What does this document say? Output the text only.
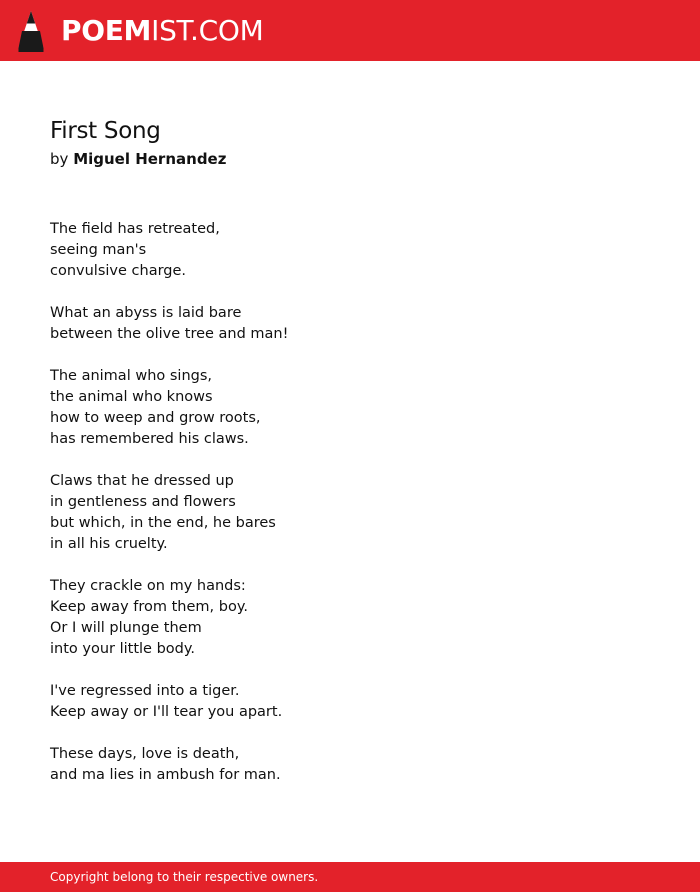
POEMIST.COM
First Song
by Miguel Hernandez
The field has retreated,
seeing man's
convulsive charge.
What an abyss is laid bare
between the olive tree and man!
The animal who sings,
the animal who knows
how to weep and grow roots,
has remembered his claws.
Claws that he dressed up
in gentleness and flowers
but which, in the end, he bares
in all his cruelty.
They crackle on my hands:
Keep away from them, boy.
Or I will plunge them
into your little body.
I've regressed into a tiger.
Keep away or I'll tear you apart.
These days, love is death,
and ma lies in ambush for man.
Copyright belong to their respective owners.
